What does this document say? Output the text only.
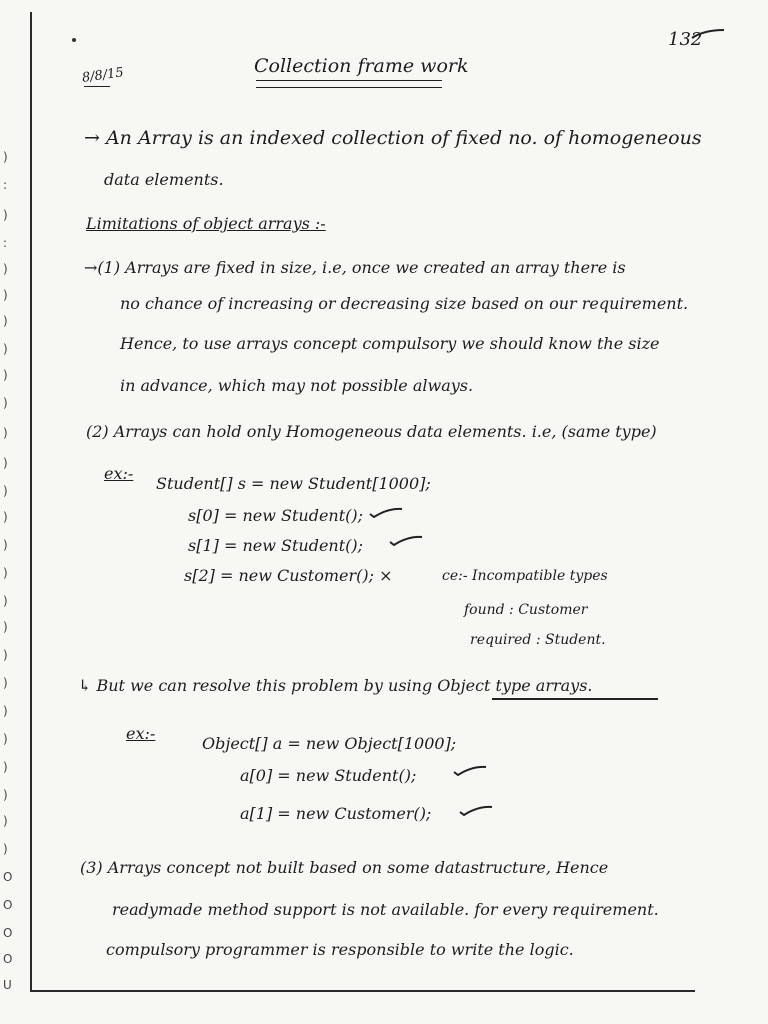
)
:
)
:
)
)
)
)
)
)
)
)
)
)
)
)
)
)
)
)
)
)
)
)
)
)
O
O
O
O
U
132
8/8/15	Collection frame work
→ An Array is an indexed collection of fixed no. of homogeneous
data elements.
Limitations of object arrays :-
→(1) Arrays are fixed in size, i.e, once we created an array there is
no chance of increasing or decreasing size based on our requirement.
Hence, to use arrays concept compulsory we should know the size
in advance, which may not possible always.
(2) Arrays can hold only Homogeneous data elements. i.e, (same type)
ex:-
Student[] s = new Student[1000];
s[0] = new Student();
s[1] = new Student();
s[2] = new Customer(); ×	ce:- Incompatible types
found : Customer
required : Student.
↳ But we can resolve this problem by using Object type arrays.
ex:-
Object[] a = new Object[1000];
a[0] = new Student();
a[1] = new Customer();
(3) Arrays concept not built based on some datastructure, Hence
readymade method support is not available. for every requirement.
compulsory programmer is responsible to write the logic.
